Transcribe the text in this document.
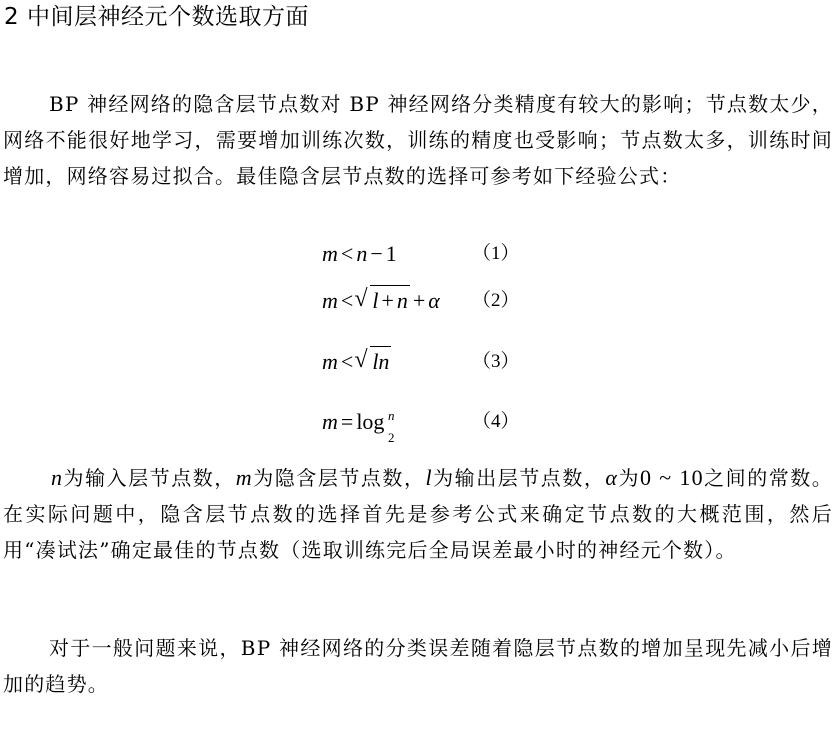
2 中间层神经元个数选取方面
BP 神经网络的隐含层节点数对 BP 神经网络分类精度有较大的影响；节点数太少，网络不能很好地学习，需要增加训练次数，训练的精度也受影响；节点数太多，训练时间增加，网络容易过拟合。最佳隐含层节点数的选择可参考如下经验公式：
m < n − 1	（1）
m < √ l + n + α （2）
m < √ ln	（3）
m = log n
2
（4）
n为输入层节点数，m为隐含层节点数，l为输出层节点数，α为0 ~ 10之间的常数。在实际问题中，隐含层节点数的选择首先是参考公式来确定节点数的大概范围，然后用“凑试法”确定最佳的节点数（选取训练完后全局误差最小时的神经元个数）。
对于一般问题来说，BP 神经网络的分类误差随着隐层节点数的增加呈现先减小后增加的趋势。
